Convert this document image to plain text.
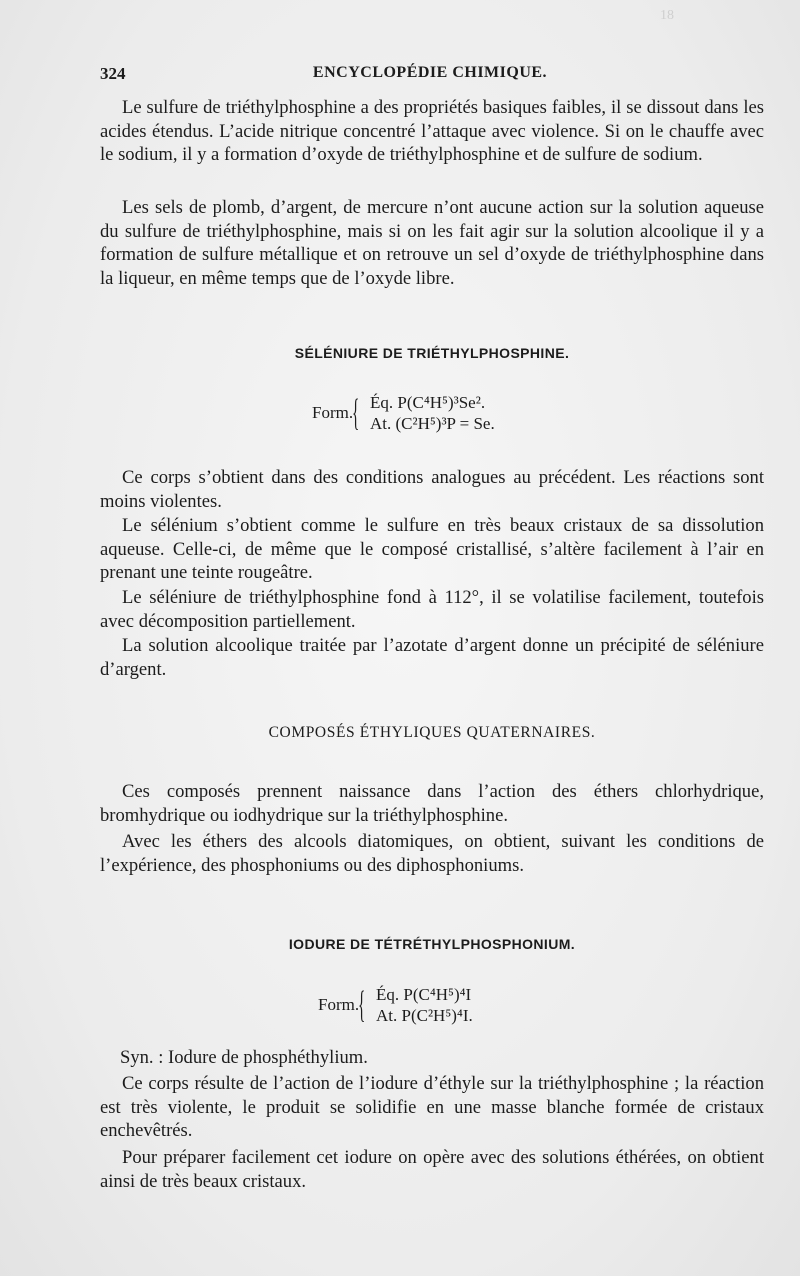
18
324	ENCYCLOPÉDIE CHIMIQUE.

Le sulfure de triéthylphosphine a des propriétés basiques faibles, il se dissout dans les acides étendus. L’acide nitrique concentré l’attaque avec violence. Si on le chauffe avec le sodium, il y a formation d’oxyde de triéthylphosphine et de sulfure de sodium.

Les sels de plomb, d’argent, de mercure n’ont aucune action sur la solution aqueuse du sulfure de triéthylphosphine, mais si on les fait agir sur la solution alcoolique il y a formation de sulfure métallique et on retrouve un sel d’oxyde de triéthylphosphine dans la liqueur, en même temps que de l’oxyde libre.

SÉLÉNIURE DE TRIÉTHYLPHOSPHINE.
Form.
{ Éq. P(C⁴H⁵)³Se².
At. (C²H⁵)³P = Se.

Ce corps s’obtient dans des conditions analogues au précédent. Les réactions sont moins violentes.

Le sélénium s’obtient comme le sulfure en très beaux cristaux de sa dissolution aqueuse. Celle-ci, de même que le composé cristallisé, s’altère facilement à l’air en prenant une teinte rougeâtre.

Le séléniure de triéthylphosphine fond à 112°, il se volatilise facilement, toutefois avec décomposition partiellement.

La solution alcoolique traitée par l’azotate d’argent donne un précipité de séléniure d’argent.

COMPOSÉS ÉTHYLIQUES QUATERNAIRES.

Ces composés prennent naissance dans l’action des éthers chlorhydrique, bromhydrique ou iodhydrique sur la triéthylphosphine.

Avec les éthers des alcools diatomiques, on obtient, suivant les conditions de l’expérience, des phosphoniums ou des diphosphoniums.

IODURE DE TÉTRÉTHYLPHOSPHONIUM.
Form.
{ Éq. P(C⁴H⁵)⁴I
At. P(C²H⁵)⁴I.

Syn. : Iodure de phosphéthylium.

Ce corps résulte de l’action de l’iodure d’éthyle sur la triéthylphosphine ; la réaction est très violente, le produit se solidifie en une masse blanche formée de cristaux enchevêtrés.

Pour préparer facilement cet iodure on opère avec des solutions éthérées, on obtient ainsi de très beaux cristaux.
